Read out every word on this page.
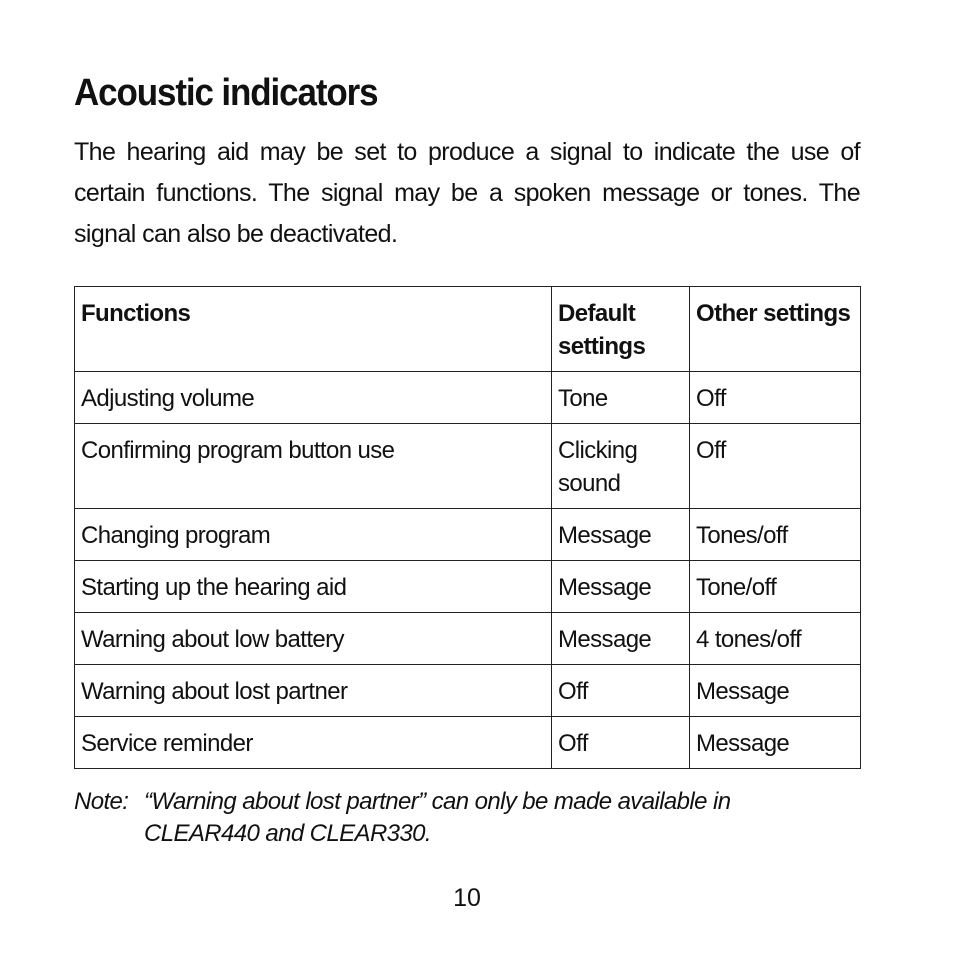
Acoustic indicators

The hearing aid may be set to produce a signal to indicate the use of certain functions. The signal may be a spoken message or tones. The signal can also be deactivated.

Functions	Default settings	Other settings
Adjusting volume	Tone	Off
Confirming program button use	Clicking sound	Off
Changing program	Message	Tones/off
Starting up the hearing aid	Message	Tone/off
Warning about low battery	Message	4 tones/off
Warning about lost partner	Off	Message
Service reminder	Off	Message
Note: “Warning about lost partner” can only be made available in CLEAR440 and CLEAR330.
10
